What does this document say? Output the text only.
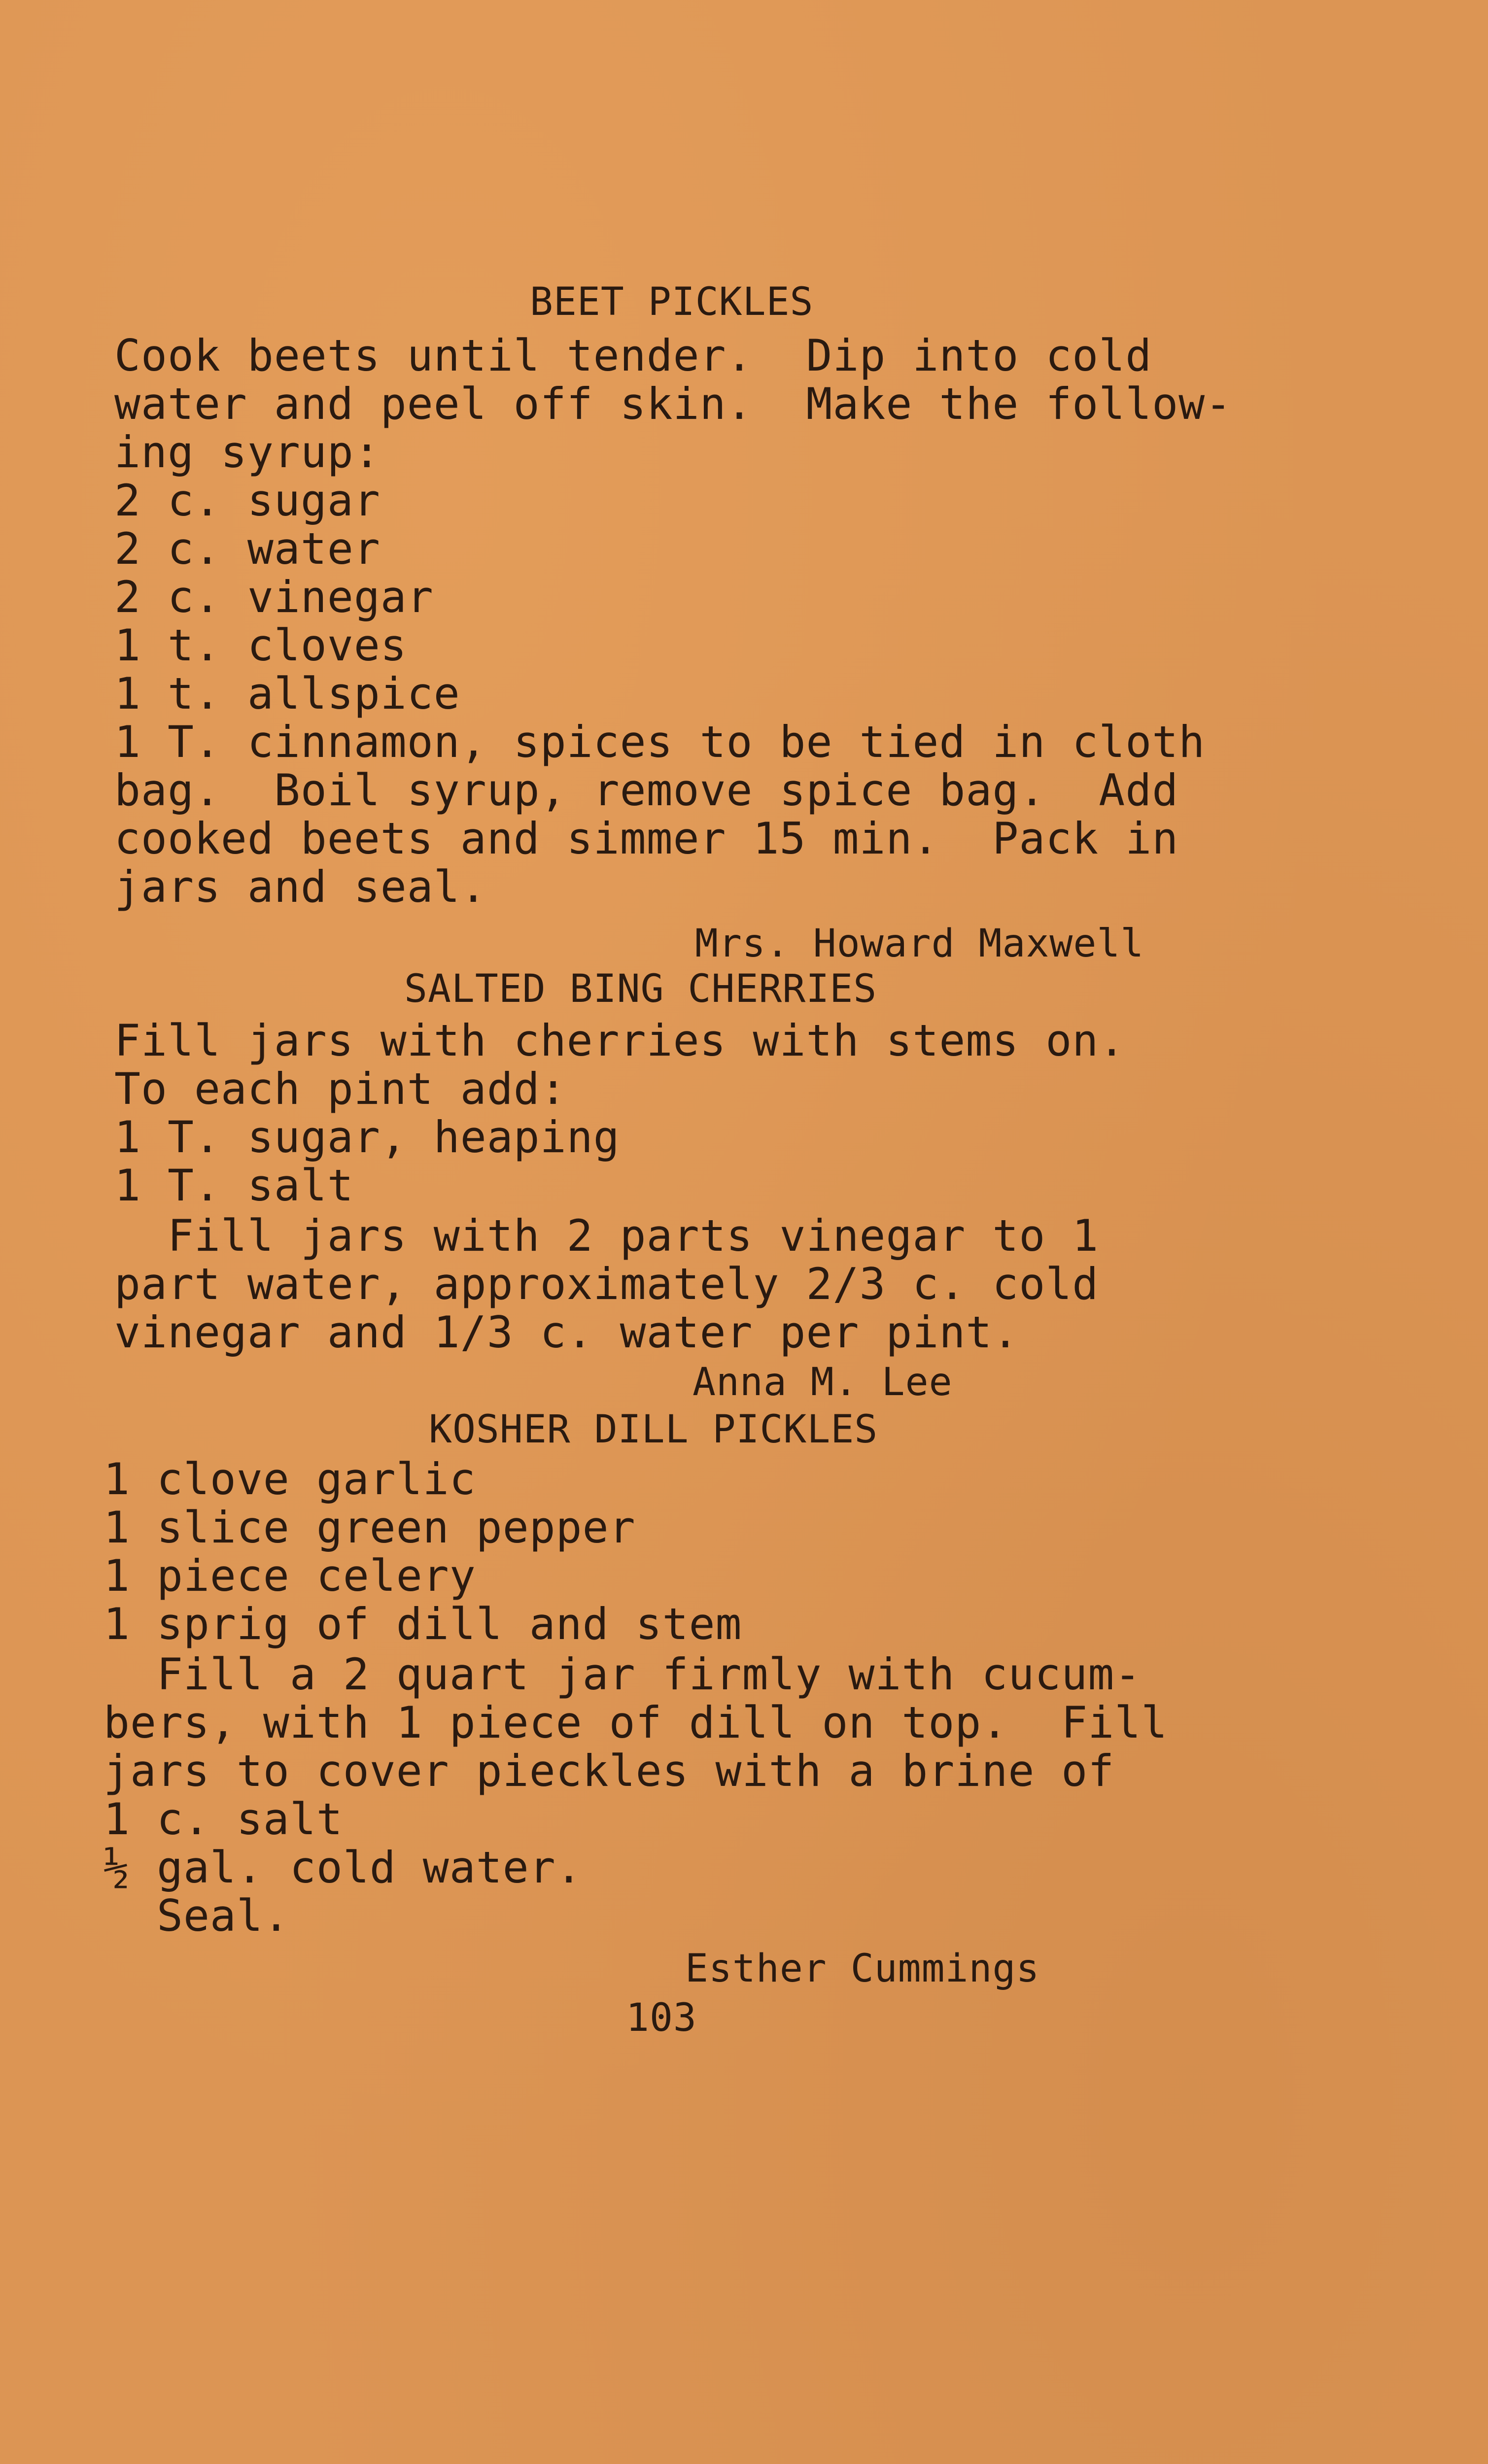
BEET PICKLES
Cook beets until tender.  Dip into cold
water and peel off skin.  Make the follow-
ing syrup:
2 c. sugar
2 c. water
2 c. vinegar
1 t. cloves
1 t. allspice
1 T. cinnamon, spices to be tied in cloth
bag.  Boil syrup, remove spice bag.  Add
cooked beets and simmer 15 min.  Pack in
jars and seal.
Mrs. Howard Maxwell
SALTED BING CHERRIES
Fill jars with cherries with stems on.
To each pint add:
1 T. sugar, heaping
1 T. salt
Fill jars with 2 parts vinegar to 1
part water, approximately 2/3 c. cold
vinegar and 1/3 c. water per pint.
Anna M. Lee
KOSHER DILL PICKLES
1 clove garlic
1 slice green pepper
1 piece celery
1 sprig of dill and stem
Fill a 2 quart jar firmly with cucum-
bers, with 1 piece of dill on top.  Fill
jars to cover pieckles with a brine of
1 c. salt
½ gal. cold water.
Seal.
Esther Cummings
103
